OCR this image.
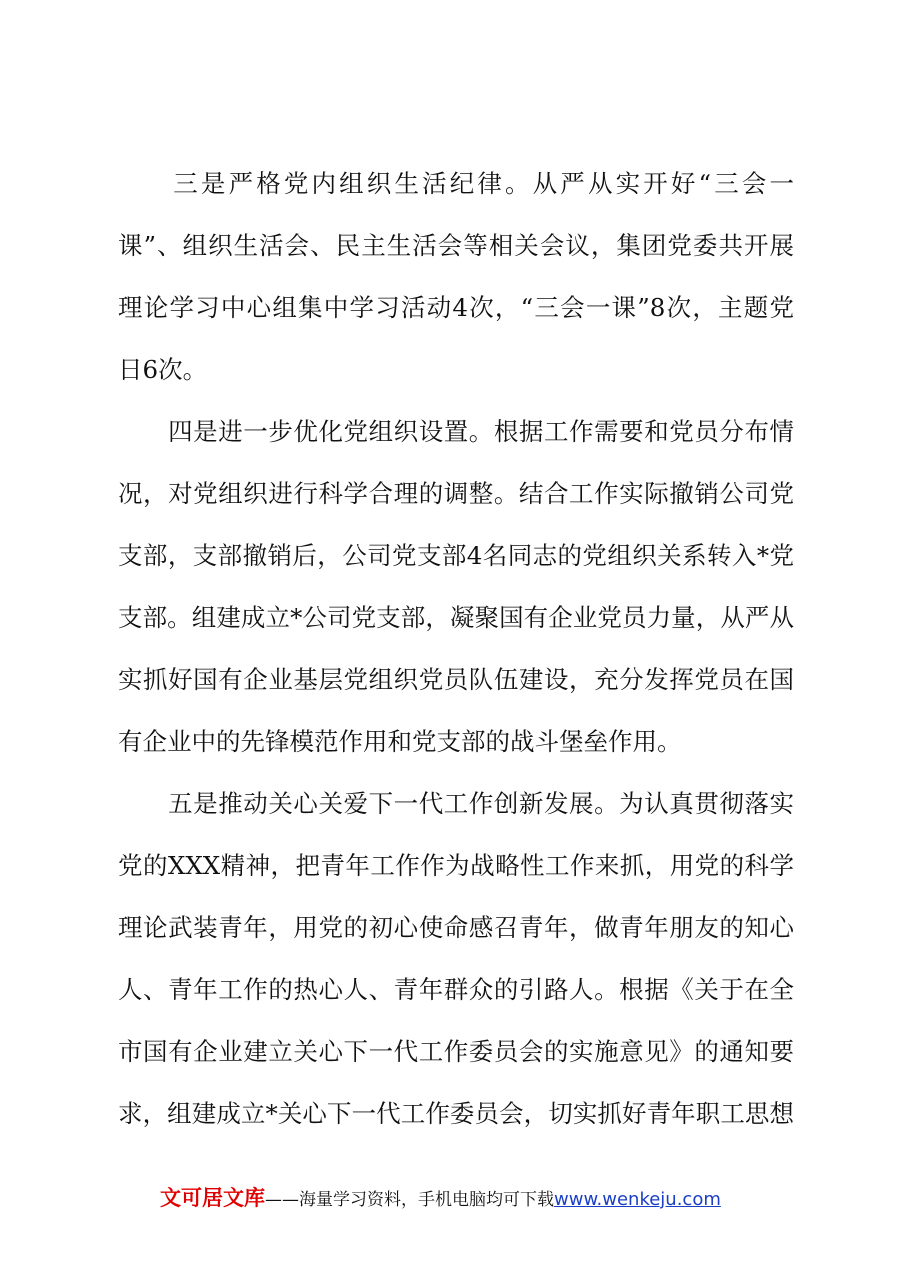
　　三是严格党内组织生活纪律。从严从实开好“三会一
课”、组织生活会、民主生活会等相关会议，集团党委共开展
理论学习中心组集中学习活动4次，“三会一课”8次，主题党
日6次。
　　四是进一步优化党组织设置。根据工作需要和党员分布情
况，对党组织进行科学合理的调整。结合工作实际撤销公司党
支部，支部撤销后，公司党支部4名同志的党组织关系转入*党
支部。组建成立*公司党支部，凝聚国有企业党员力量，从严从
实抓好国有企业基层党组织党员队伍建设，充分发挥党员在国
有企业中的先锋模范作用和党支部的战斗堡垒作用。
　　五是推动关心关爱下一代工作创新发展。为认真贯彻落实
党的XXX精神，把青年工作作为战略性工作来抓，用党的科学
理论武装青年，用党的初心使命感召青年，做青年朋友的知心
人、青年工作的热心人、青年群众的引路人。根据《关于在全
市国有企业建立关心下一代工作委员会的实施意见》的通知要
求，组建成立*关心下一代工作委员会，切实抓好青年职工思想
文可居文库——海量学习资料，手机电脑均可下载www.wenkeju.com
